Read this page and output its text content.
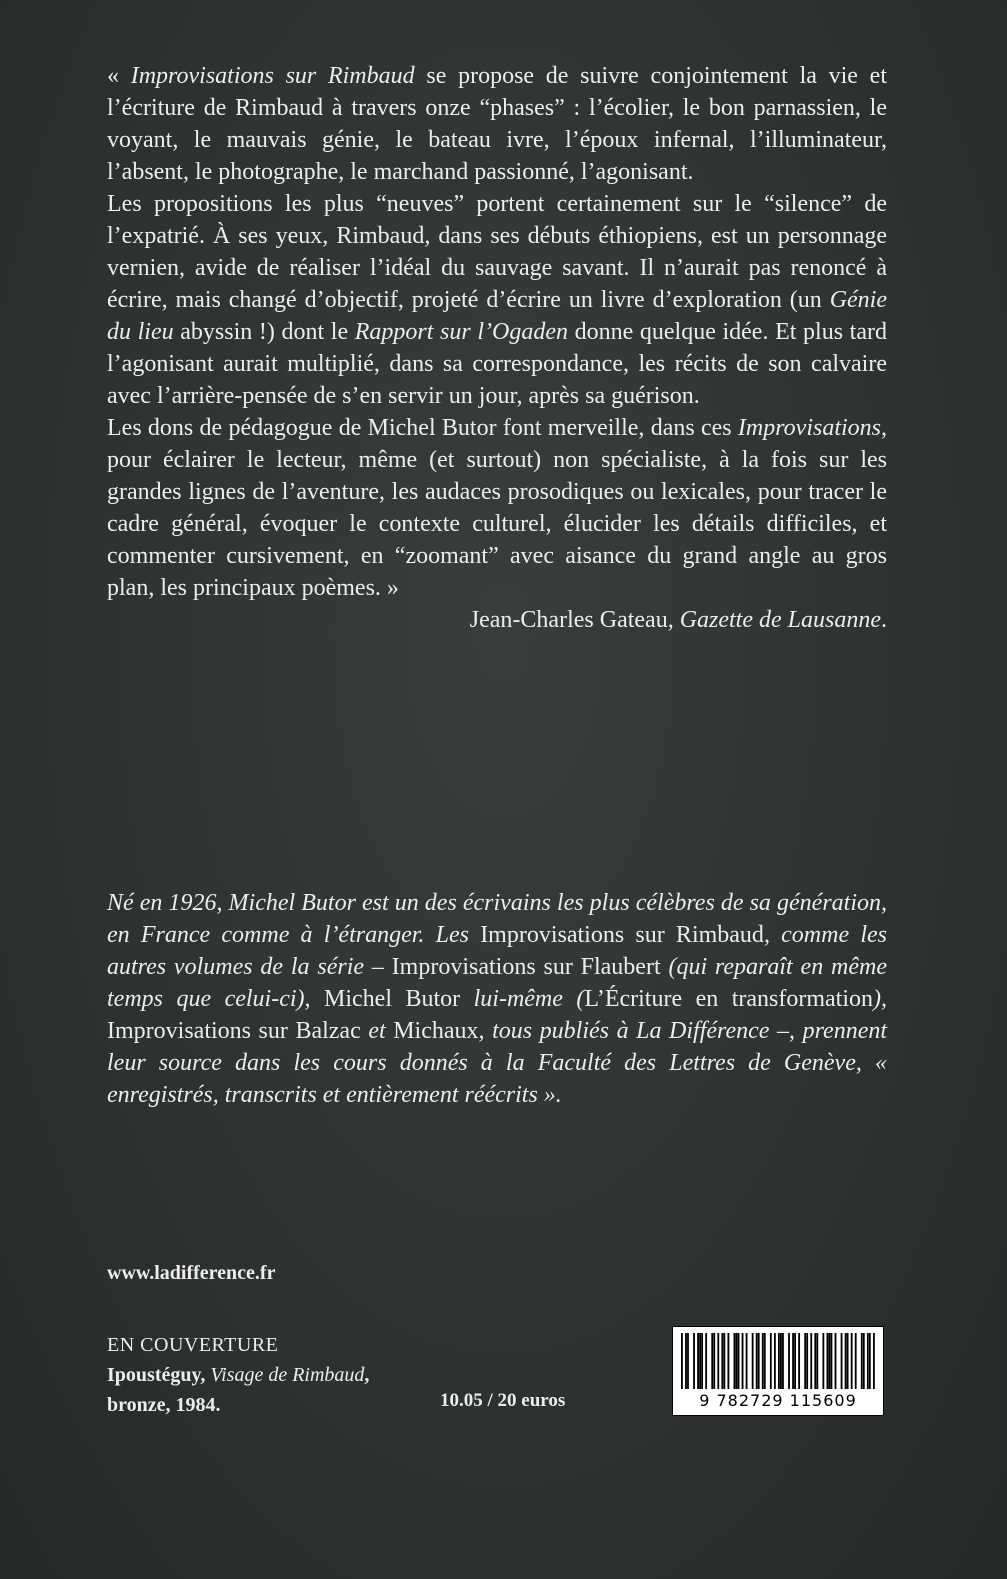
« Improvisations sur Rimbaud se propose de suivre conjointement la vie et l’écriture de Rimbaud à travers onze “phases” : l’écolier, le bon parnassien, le voyant, le mauvais génie, le bateau ivre, l’époux infernal, l’illuminateur, l’absent, le photographe, le marchand passionné, l’agonisant.

Les propositions les plus “neuves” portent certainement sur le “silence” de l’expatrié. À ses yeux, Rimbaud, dans ses débuts éthiopiens, est un personnage vernien, avide de réaliser l’idéal du sauvage savant. Il n’aurait pas renoncé à écrire, mais changé d’objectif, projeté d’écrire un livre d’exploration (un Génie du lieu abyssin !) dont le Rapport sur l’Ogaden donne quelque idée. Et plus tard l’agonisant aurait multiplié, dans sa correspondance, les récits de son calvaire avec l’arrière-pensée de s’en servir un jour, après sa guérison.

Les dons de pédagogue de Michel Butor font merveille, dans ces Improvisations, pour éclairer le lecteur, même (et surtout) non spécialiste, à la fois sur les grandes lignes de l’aventure, les audaces prosodiques ou lexicales, pour tracer le cadre général, évoquer le contexte culturel, élucider les détails difficiles, et commenter cursivement, en “zoomant” avec aisance du grand angle au gros plan, les principaux poèmes. »

Jean-Charles Gateau, Gazette de Lausanne.

Né en 1926, Michel Butor est un des écrivains les plus célèbres de sa génération, en France comme à l’étranger. Les Improvisations sur Rimbaud, comme les autres volumes de la série – Improvisations sur Flaubert (qui reparaît en même temps que celui-ci), Michel Butor lui-même (L’Écriture en transformation), Improvisations sur Balzac et Michaux, tous publiés à La Différence –, prennent leur source dans les cours donnés à la Faculté des Lettres de Genève, « enregistrés, transcrits et entièrement réécrits ».
www.ladifference.fr
EN COUVERTURE
Ipoustéguy, Visage de Rimbaud,
bronze, 1984.	10.05 / 20 euros	9 782729 115609
